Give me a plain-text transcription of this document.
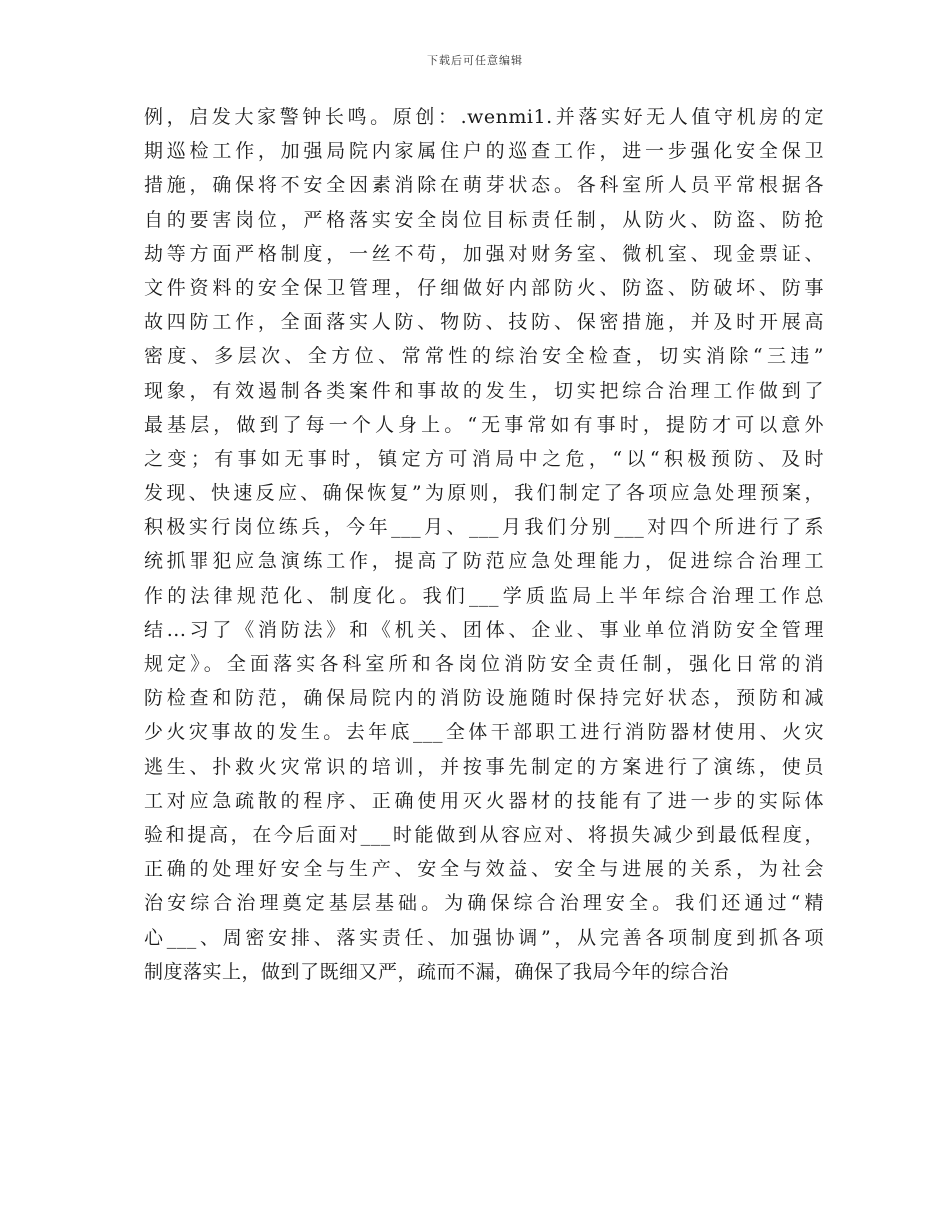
下载后可任意编辑
例，启发大家警钟长鸣。原创：.wenmi1.并落实好无人值守机房的定
期巡检工作，加强局院内家属住户的巡查工作，进一步强化安全保卫
措施，确保将不安全因素消除在萌芽状态。各科室所人员平常根据各
自的要害岗位，严格落实安全岗位目标责任制，从防火、防盗、防抢
劫等方面严格制度，一丝不苟，加强对财务室、微机室、现金票证、
文件资料的安全保卫管理，仔细做好内部防火、防盗、防破坏、防事
故四防工作，全面落实人防、物防、技防、保密措施，并及时开展高
密度、多层次、全方位、常常性的综治安全检查，切实消除“三违”
现象，有效遏制各类案件和事故的发生，切实把综合治理工作做到了
最基层，做到了每一个人身上。“无事常如有事时，提防才可以意外
之变；有事如无事时，镇定方可消局中之危，“以“积极预防、及时
发现、快速反应、确保恢复”为原则，我们制定了各项应急处理预案，
积极实行岗位练兵，今年___月、___月我们分别___对四个所进行了系
统抓罪犯应急演练工作，提高了防范应急处理能力，促进综合治理工
作的法律规范化、制度化。我们___学质监局上半年综合治理工作总
结...习了《消防法》和《机关、团体、企业、事业单位消防安全管理
规定》。全面落实各科室所和各岗位消防安全责任制，强化日常的消
防检查和防范，确保局院内的消防设施随时保持完好状态，预防和减
少火灾事故的发生。去年底___全体干部职工进行消防器材使用、火灾
逃生、扑救火灾常识的培训，并按事先制定的方案进行了演练，使员
工对应急疏散的程序、正确使用灭火器材的技能有了进一步的实际体
验和提高，在今后面对___时能做到从容应对、将损失减少到最低程度，
正确的处理好安全与生产、安全与效益、安全与进展的关系，为社会
治安综合治理奠定基层基础。为确保综合治理安全。我们还通过“精
心___、周密安排、落实责任、加强协调”，从完善各项制度到抓各项
制度落实上，做到了既细又严，疏而不漏，确保了我局今年的综合治
